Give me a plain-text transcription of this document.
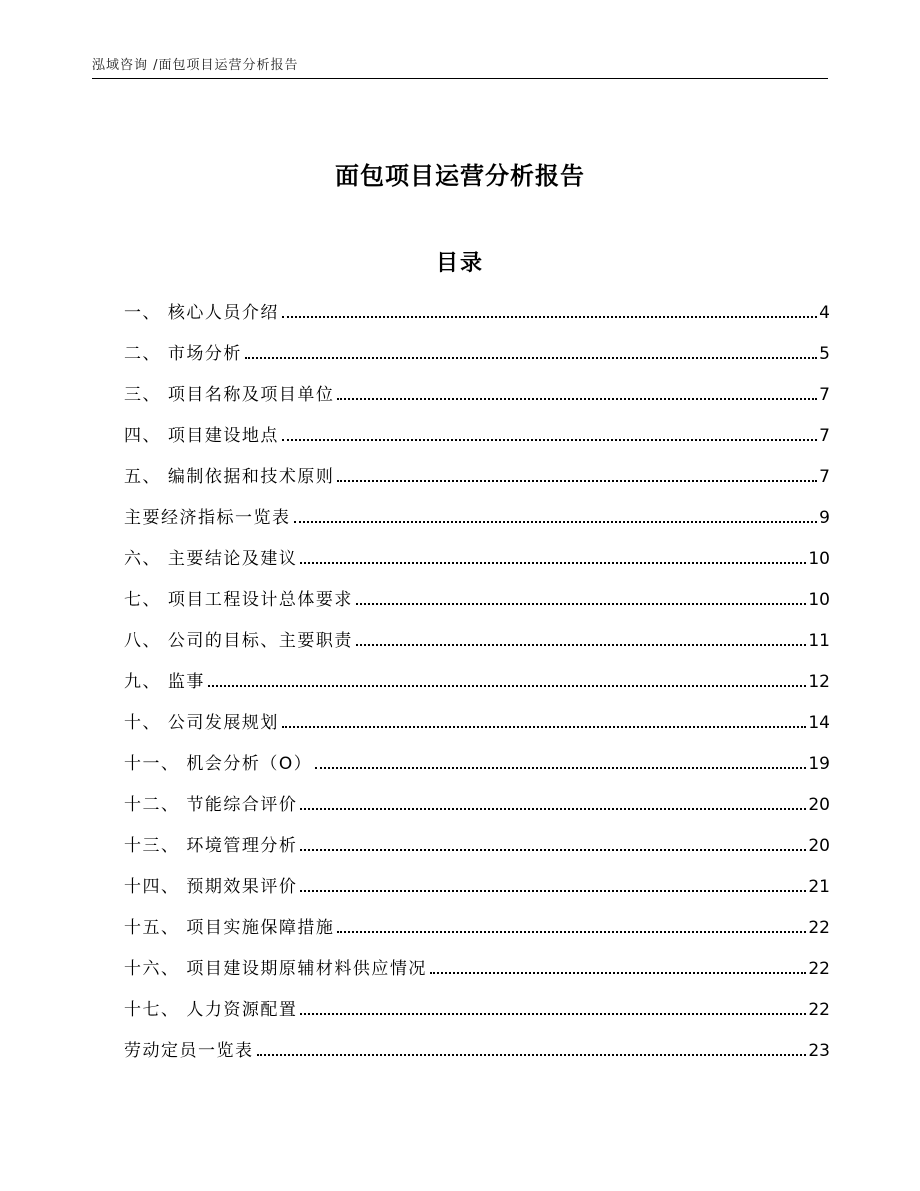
泓域咨询 /面包项目运营分析报告
面包项目运营分析报告
目录
一、 核心人员介绍	4
二、 市场分析	5
三、 项目名称及项目单位	7
四、 项目建设地点	7
五、 编制依据和技术原则	7
主要经济指标一览表	9
六、 主要结论及建议	10
七、 项目工程设计总体要求	10
八、 公司的目标、主要职责	11
九、 监事	12
十、 公司发展规划	14
十一、 机会分析（O）	19
十二、 节能综合评价	20
十三、 环境管理分析	20
十四、 预期效果评价	21
十五、 项目实施保障措施	22
十六、 项目建设期原辅材料供应情况	22
十七、 人力资源配置	22
劳动定员一览表	23
